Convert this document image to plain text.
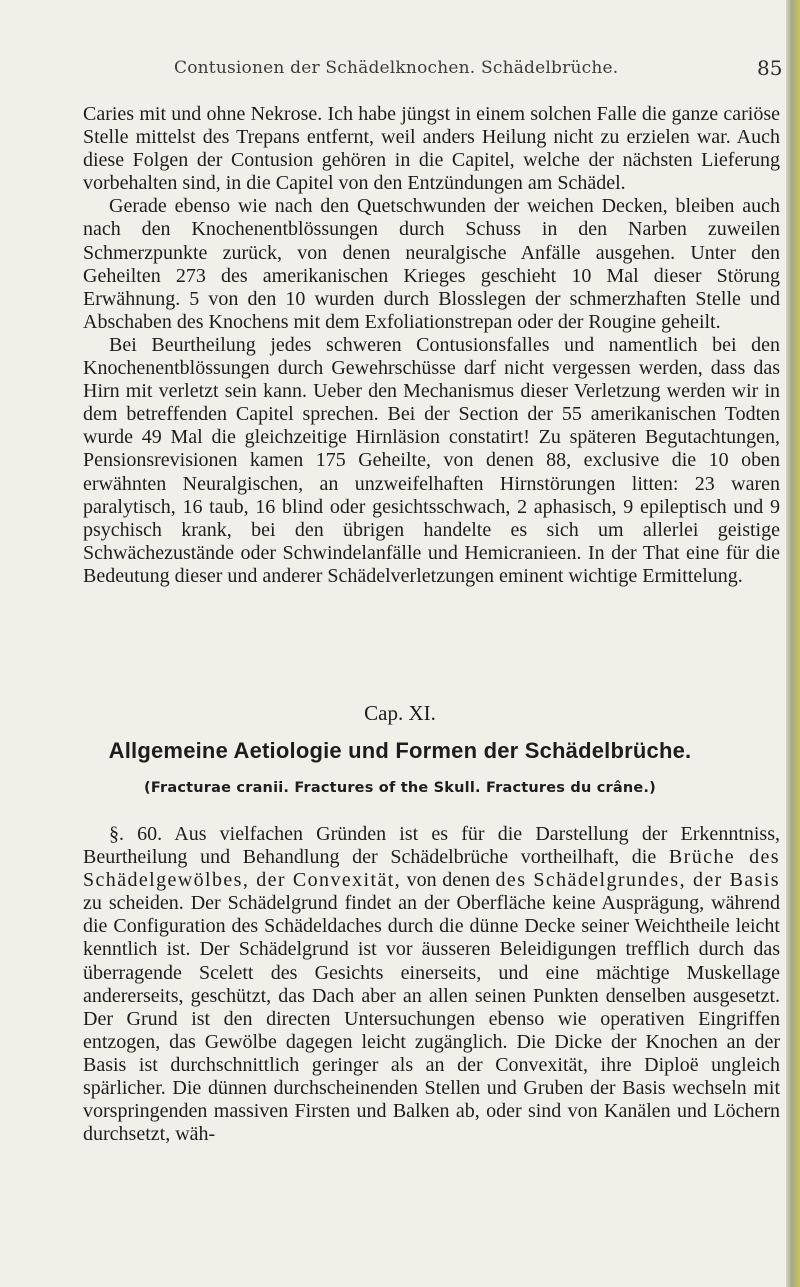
Contusionen der Schädelknochen. Schädelbrüche.	85

Caries mit und ohne Nekrose. Ich habe jüngst in einem solchen Falle die ganze cariöse Stelle mittelst des Trepans entfernt, weil anders Heilung nicht zu erzielen war. Auch diese Folgen der Contusion gehören in die Capitel, welche der nächsten Lieferung vorbehalten sind, in die Capitel von den Entzündungen am Schädel.

Gerade ebenso wie nach den Quetschwunden der weichen Decken, bleiben auch nach den Knochenentblössungen durch Schuss in den Narben zuweilen Schmerzpunkte zurück, von denen neuralgische Anfälle ausgehen. Unter den Geheilten 273 des amerikanischen Krieges geschieht 10 Mal dieser Störung Erwähnung. 5 von den 10 wurden durch Blosslegen der schmerzhaften Stelle und Abschaben des Knochens mit dem Exfoliationstrepan oder der Rougine geheilt.

Bei Beurtheilung jedes schweren Contusionsfalles und namentlich bei den Knochenentblössungen durch Gewehrschüsse darf nicht vergessen werden, dass das Hirn mit verletzt sein kann. Ueber den Mechanismus dieser Verletzung werden wir in dem betreffenden Capitel sprechen. Bei der Section der 55 amerikanischen Todten wurde 49 Mal die gleichzeitige Hirnläsion constatirt! Zu späteren Begutachtungen, Pensionsrevisionen kamen 175 Geheilte, von denen 88, exclusive die 10 oben erwähnten Neuralgischen, an unzweifelhaften Hirnstörungen litten: 23 waren paralytisch, 16 taub, 16 blind oder gesichtsschwach, 2 aphasisch, 9 epileptisch und 9 psychisch krank, bei den übrigen handelte es sich um allerlei geistige Schwächezustände oder Schwindelanfälle und Hemicranieen. In der That eine für die Bedeutung dieser und anderer Schädelverletzungen eminent wichtige Ermittelung.

Cap. XI.
Allgemeine Aetiologie und Formen der Schädelbrüche.
(Fracturae cranii. Fractures of the Skull. Fractures du crâne.)

§. 60. Aus vielfachen Gründen ist es für die Darstellung der Erkenntniss, Beurtheilung und Behandlung der Schädelbrüche vortheilhaft, die Brüche des Schädelgewölbes, der Convexität, von denen des Schädelgrundes, der Basis zu scheiden. Der Schädelgrund findet an der Oberfläche keine Ausprägung, während die Configuration des Schädeldaches durch die dünne Decke seiner Weichtheile leicht kenntlich ist. Der Schädelgrund ist vor äusseren Beleidigungen trefflich durch das überragende Scelett des Gesichts einerseits, und eine mächtige Muskellage andererseits, geschützt, das Dach aber an allen seinen Punkten denselben ausgesetzt. Der Grund ist den directen Untersuchungen ebenso wie operativen Eingriffen entzogen, das Gewölbe dagegen leicht zugänglich. Die Dicke der Knochen an der Basis ist durchschnittlich geringer als an der Convexität, ihre Diploë ungleich spärlicher. Die dünnen durchscheinenden Stellen und Gruben der Basis wechseln mit vorspringenden massiven Firsten und Balken ab, oder sind von Kanälen und Löchern durchsetzt, wäh-
